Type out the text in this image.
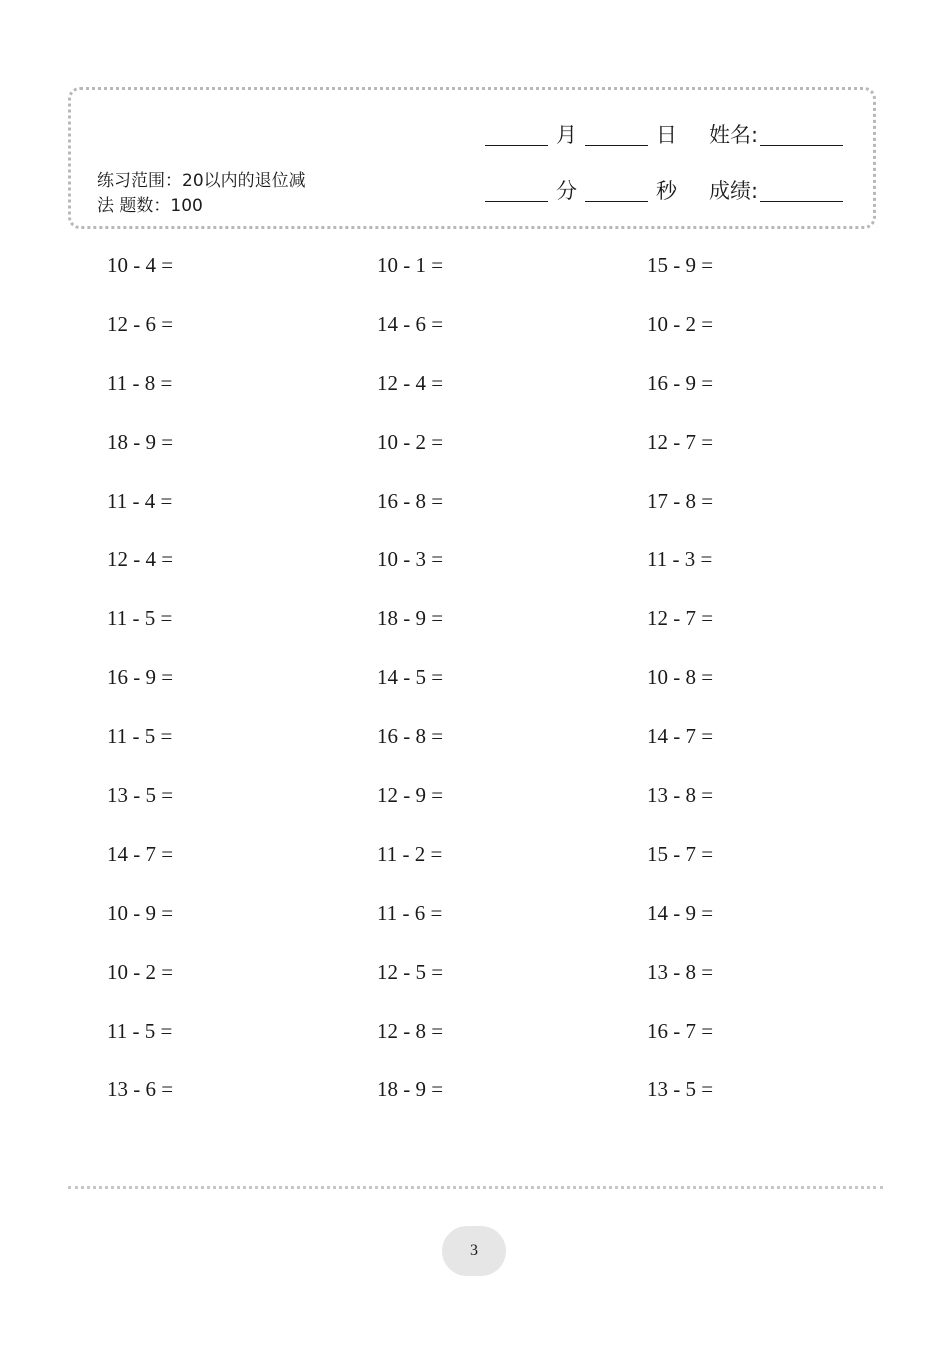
练习范围：20以内的退位减
法 题数：100
月	日 姓名:
分	秒 成绩:
10 - 4 =	10 - 1 =	15 - 9 =
12 - 6 =	14 - 6 =	10 - 2 =
11 - 8 =	12 - 4 =	16 - 9 =
18 - 9 =	10 - 2 =	12 - 7 =
11 - 4 =	16 - 8 =	17 - 8 =
12 - 4 =	10 - 3 =	11 - 3 =
11 - 5 =	18 - 9 =	12 - 7 =
16 - 9 =	14 - 5 =	10 - 8 =
11 - 5 =	16 - 8 =	14 - 7 =
13 - 5 =	12 - 9 =	13 - 8 =
14 - 7 =	11 - 2 =	15 - 7 =
10 - 9 =	11 - 6 =	14 - 9 =
10 - 2 =	12 - 5 =	13 - 8 =
11 - 5 =	12 - 8 =	16 - 7 =
13 - 6 =	18 - 9 =	13 - 5 =
3
